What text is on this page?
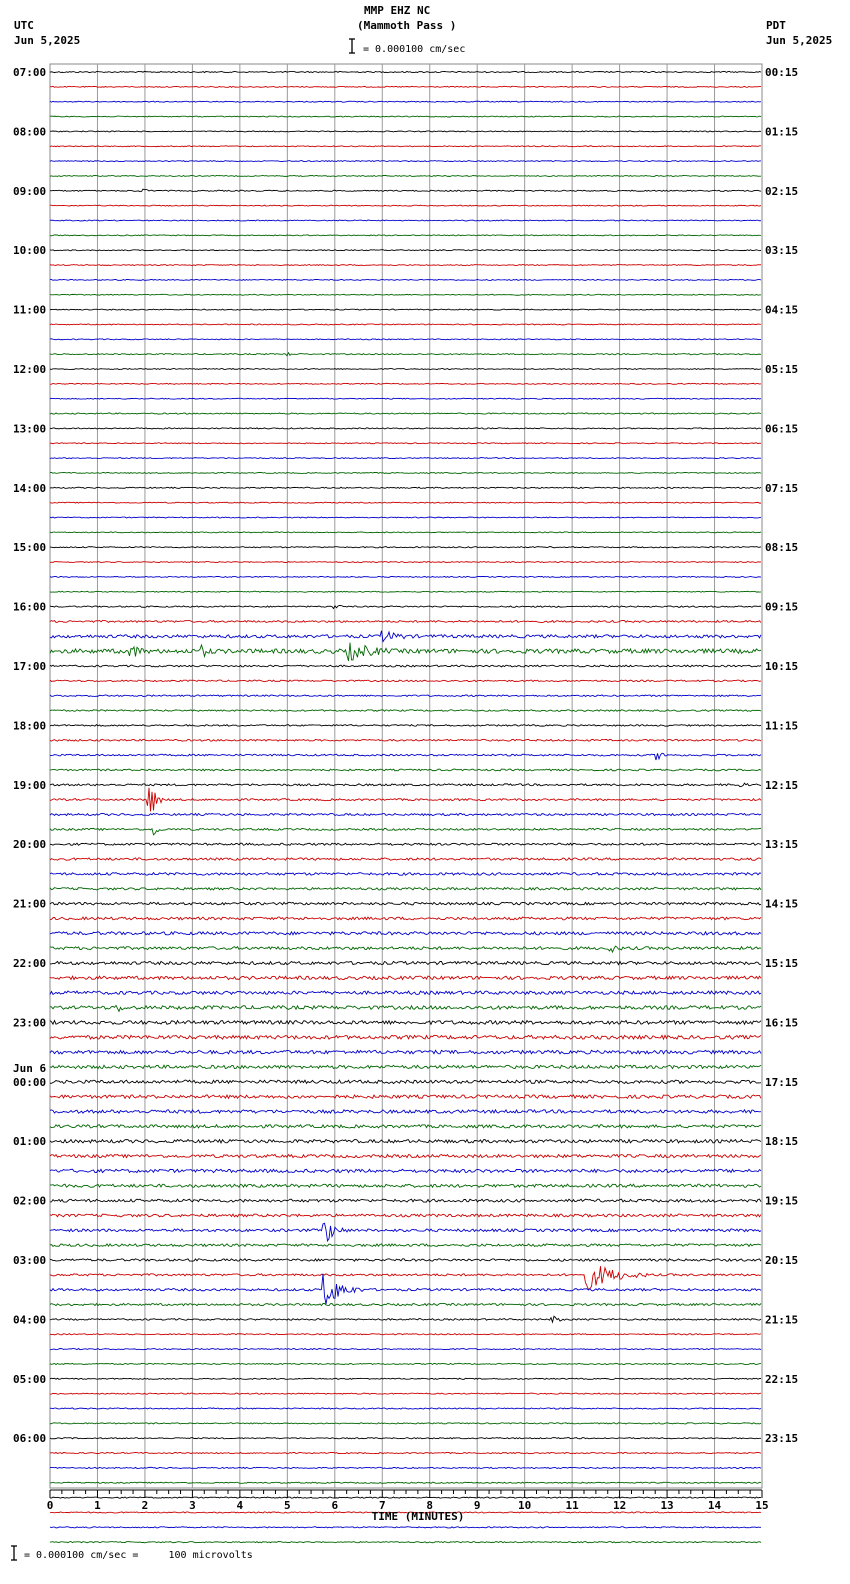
MMP EHZ NC
(Mammoth Pass )
UTC
Jun 5,2025
PDT
Jun 5,2025
= 0.000100 cm/sec
= 0.000100 cm/sec =     100 microvolts
07:00
08:00
09:00
10:00
11:00
12:00
13:00
14:00
15:00
16:00
17:00
18:00
19:00
20:00
21:00
22:00
23:00
00:00
01:00
02:00
03:00
04:00
05:00
06:00
00:15
01:15
02:15
03:15
04:15
05:15
06:15
07:15
08:15
09:15
10:15
11:15
12:15
13:15
14:15
15:15
16:15
17:15
18:15
19:15
20:15
21:15
22:15
23:15
Jun 6
0	1	2	3	4	5	6	7	8	9	10	11	12	13	14	15
TIME (MINUTES)
